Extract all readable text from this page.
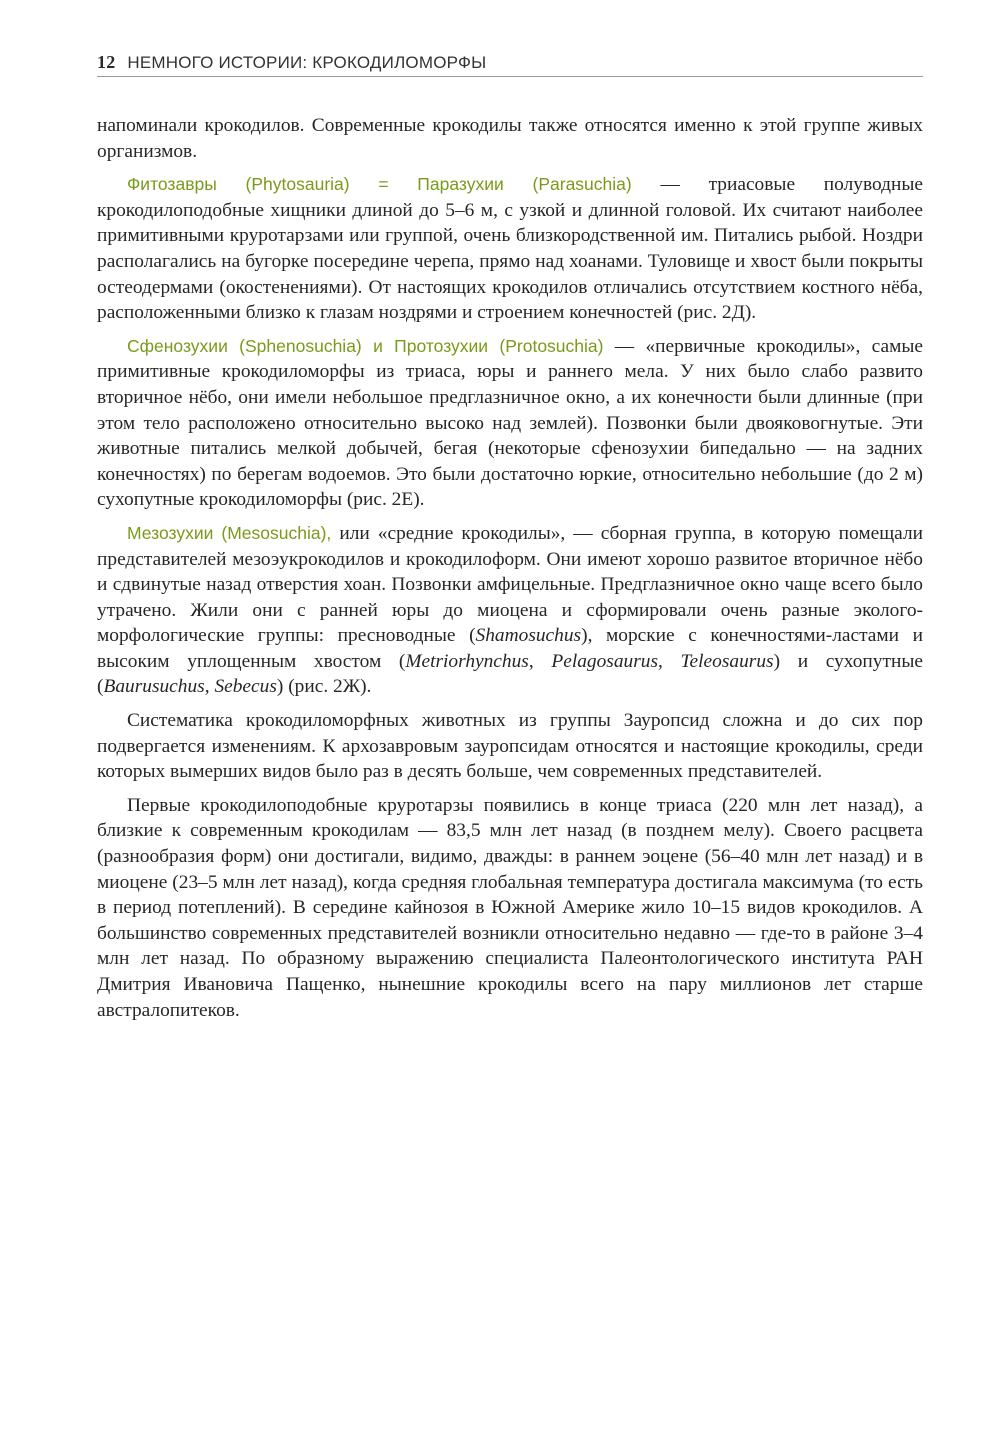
12 НЕМНОГО ИСТОРИИ: КРОКОДИЛОМОРФЫ

напоминали крокодилов. Современные крокодилы также относятся именно к этой группе живых организмов.

Фитозавры (Phytosauria) = Паразухии (Parasuchia) — триасовые полуводные крокодилоподобные хищники длиной до 5–6 м, с узкой и длинной головой. Их считают наиболее примитивными круротарзами или группой, очень близкородственной им. Питались рыбой. Ноздри располагались на бугорке посередине черепа, прямо над хоанами. Туловище и хвост были покрыты остеодермами (окостенениями). От настоящих крокодилов отличались отсутствием костного нёба, расположенными близко к глазам ноздрями и строением конечностей (рис. 2Д).

Сфенозухии (Sphenosuchia) и Протозухии (Protosuchia) — «первичные крокодилы», самые примитивные крокодиломорфы из триаса, юры и раннего мела. У них было слабо развито вторичное нёбо, они имели небольшое предглазничное окно, а их конечности были длинные (при этом тело расположено относительно высоко над землей). Позвонки были двояковогнутые. Эти животные питались мелкой добычей, бегая (некоторые сфенозухии бипедально — на задних конечностях) по берегам водоемов. Это были достаточно юркие, относительно небольшие (до 2 м) сухопутные крокодиломорфы (рис. 2Е).

Мезозухии (Mesosuchia), или «средние крокодилы», — сборная группа, в которую помещали представителей мезоэукрокодилов и крокодилоформ. Они имеют хорошо развитое вторичное нёбо и сдвинутые назад отверстия хоан. Позвонки амфицельные. Предглазничное окно чаще всего было утрачено. Жили они с ранней юры до миоцена и сформировали очень разные эколого-морфологические группы: пресноводные (Shamosuchus), морские с конечностями-ластами и высоким уплощенным хвостом (Metriorhynchus, Pelagosaurus, Teleosaurus) и сухопутные (Baurusuchus, Sebecus) (рис. 2Ж).

Систематика крокодиломорфных животных из группы Зауропсид сложна и до сих пор подвергается изменениям. К архозавровым зауропсидам относятся и настоящие крокодилы, среди которых вымерших видов было раз в десять больше, чем современных представителей.

Первые крокодилоподобные круротарзы появились в конце триаса (220 млн лет назад), а близкие к современным крокодилам — 83,5 млн лет назад (в позднем мелу). Своего расцвета (разнообразия форм) они достигали, видимо, дважды: в раннем эоцене (56–40 млн лет назад) и в миоцене (23–5 млн лет назад), когда средняя глобальная температура достигала максимума (то есть в период потеплений). В середине кайнозоя в Южной Америке жило 10–15 видов крокодилов. А большинство современных представителей возникли относительно недавно — где-то в районе 3–4 млн лет назад. По образному выражению специалиста Палеонтологического института РАН Дмитрия Ивановича Пащенко, нынешние крокодилы всего на пару миллионов лет старше австралопитеков.
